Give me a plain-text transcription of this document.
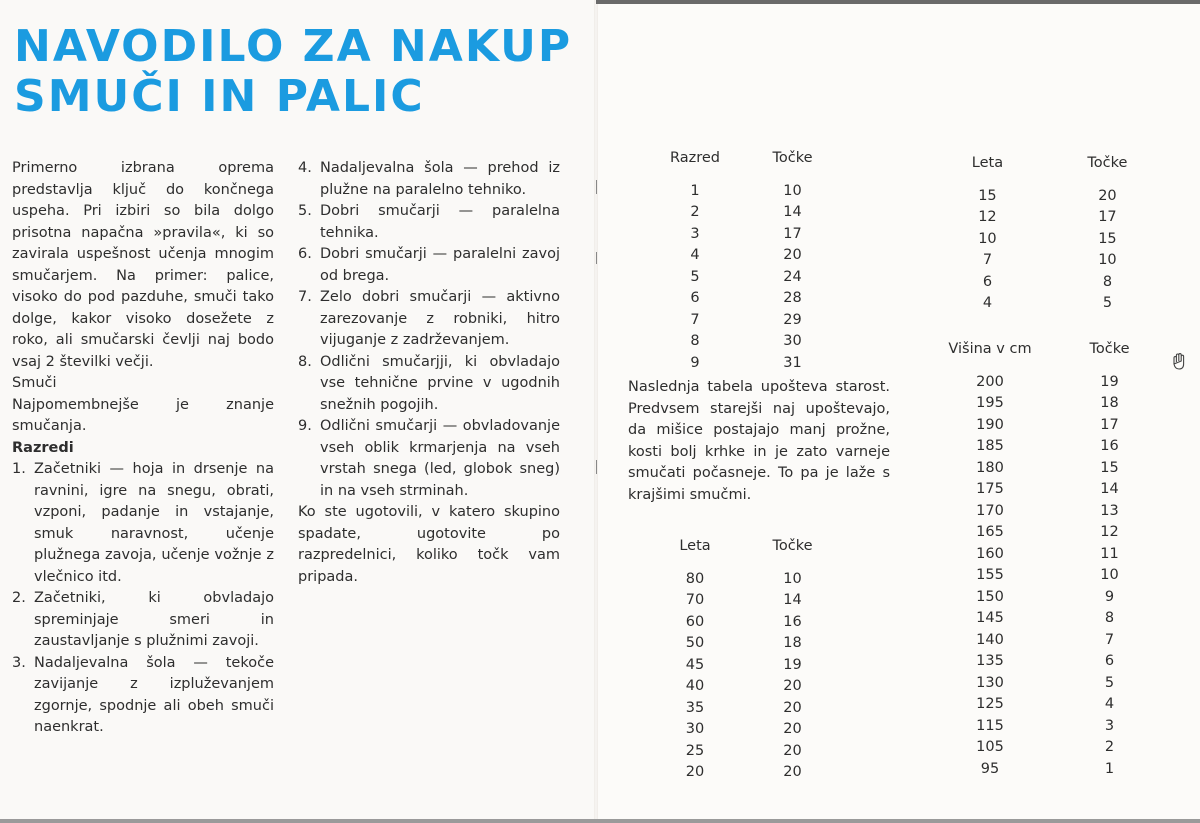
NAVODILO ZA NAKUP
SMUČI IN PALIC

Primerno izbrana oprema predstavlja ključ do končnega uspeha. Pri izbiri so bila dolgo prisotna napačna »pravila«, ki so zavirala uspešnost učenja mnogim smučarjem. Na primer: palice, visoko do pod pazduhe, smuči tako dolge, kakor visoko dosežete z roko, ali smučarski čevlji naj bodo vsaj 2 številki večji.

Smuči

Najpomembnejše je znanje smučanja.

Razredi

1. Začetniki — hoja in drsenje na ravnini, igre na snegu, obrati, vzponi, padanje in vstajanje, smuk naravnost, učenje plužnega zavoja, učenje vožnje z vlečnico itd.
2. Začetniki, ki obvladajo spreminjaje smeri in zaustavljanje s plužnimi zavoji.
3. Nadaljevalna šola — tekoče zavijanje z izpluževanjem zgornje, spodnje ali obeh smuči naenkrat.
4. Nadaljevalna šola — prehod iz plužne na paralelno tehniko.
5. Dobri smučarji — paralelna tehnika.
6. Dobri smučarji — paralelni zavoj od brega.
7. Zelo dobri smučarji — aktivno zarezovanje z robniki, hitro vijuganje z zadrževanjem.
8. Odlični smučarjji, ki obvladajo vse tehnične prvine v ugodnih snežnih pogojih.
9. Odlični smučarji — obvladovanje vseh oblik krmarjenja na vseh vrstah snega (led, globok sneg) in na vseh strminah.

Ko ste ugotovili, v katero skupino spadate, ugotovite po razpredelnici, koliko točk vam pripada.

Razred	Točke
1	10
2	14
3	17
4	20
5	24
6	28
7	29
8	30
9	31

Naslednja tabela upošteva starost. Predvsem starejši naj upoštevajo, da mišice postajajo manj prožne, kosti bolj krhke in je zato varneje smučati počasneje. To pa je laže s krajšimi smučmi.

Leta	Točke
80	10
70	14
60	16
50	18
45	19
40	20
35	20
30	20
25	20
20	20
Leta	Točke
15	20
12	17
10	15
7	10
6	8
4	5
Višina v cm	Točke
200	19
195	18
190	17
185	16
180	15
175	14
170	13
165	12
160	11
155	10
150	9
145	8
140	7
135	6
130	5
125	4
115	3
105	2
95	1
